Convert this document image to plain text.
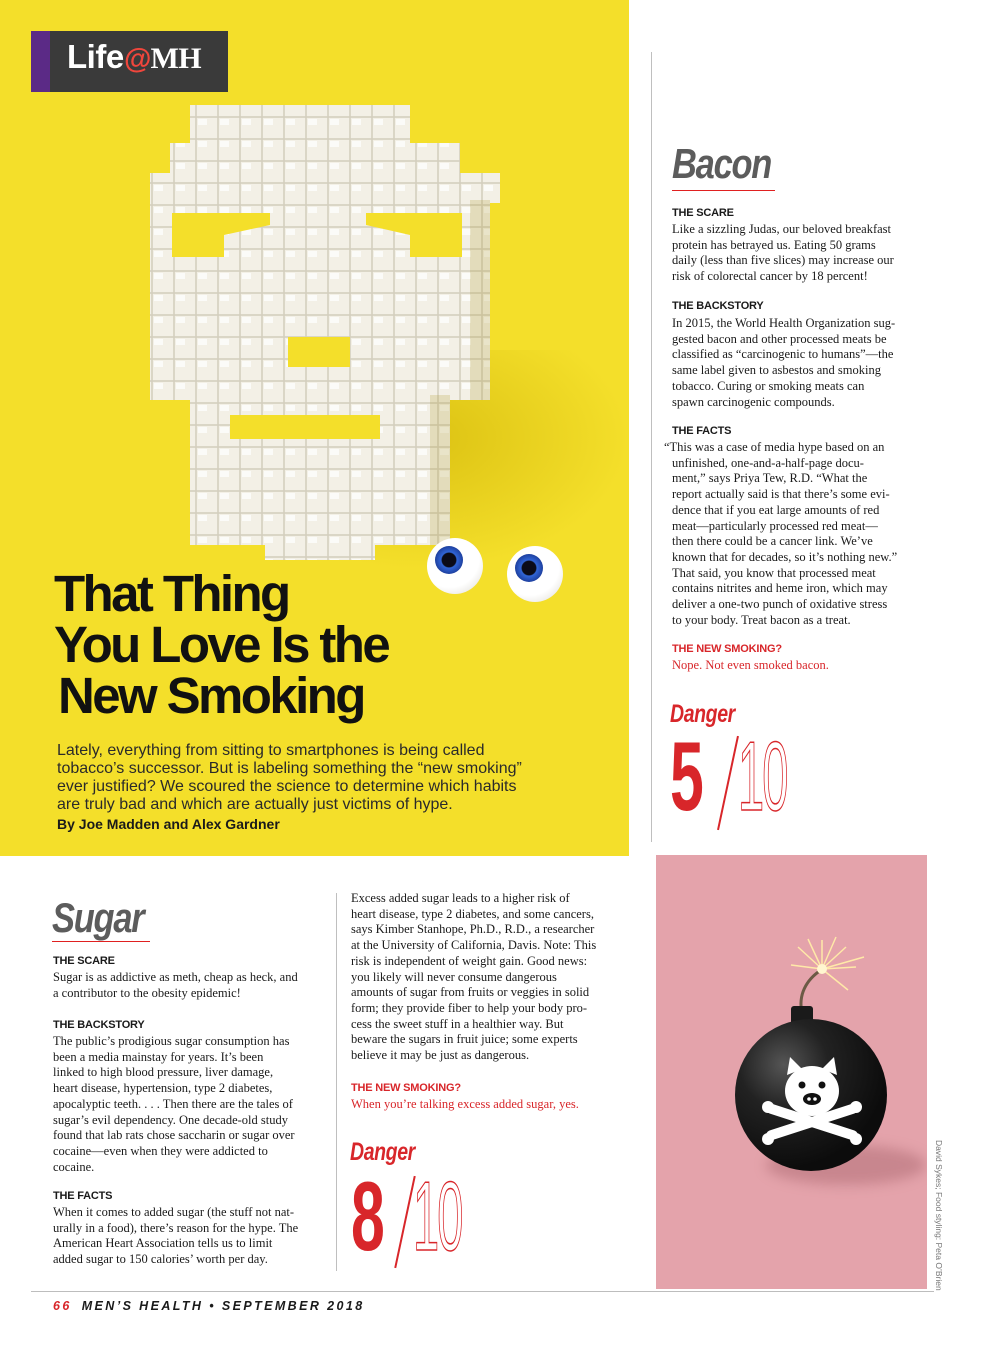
Life@MH
That Thing
You Love Is the
New Smoking

Lately, everything from sitting to smartphones is being called tobacco’s successor. But is labeling something the “new smoking” ever justified? We scoured the science to determine which habits are truly bad and which are actually just victims of hype.

By Joe Madden and Alex Gardner
Bacon
THE SCARE
Like a sizzling Judas, our beloved breakfast
protein has betrayed us. Eating 50 grams
daily (less than five slices) may increase our
risk of colorectal cancer by 18 percent!
THE BACKSTORY
In 2015, the World Health Organization sug-
gested bacon and other processed meats be
classified as “carcinogenic to humans”—the
same label given to asbestos and smoking
tobacco. Curing or smoking meats can
spawn carcinogenic compounds.
THE FACTS
“This was a case of media hype based on an
unfinished, one-and-a-half-page docu-
ment,” says Priya Tew, R.D. “What the
report actually said is that there’s some evi-
dence that if you eat large amounts of red
meat—particularly processed red meat—
then there could be a cancer link. We’ve
known that for decades, so it’s nothing new.”
That said, you know that processed meat
contains nitrites and heme iron, which may
deliver a one-two punch of oxidative stress
to your body. Treat bacon as a treat.
THE NEW SMOKING?
Nope. Not even smoked bacon.
Danger
5 10
Sugar
THE SCARE
Sugar is as addictive as meth, cheap as heck, and
a contributor to the obesity epidemic!
THE BACKSTORY
The public’s prodigious sugar consumption has
been a media mainstay for years. It’s been
linked to high blood pressure, liver damage,
heart disease, hypertension, type 2 diabetes,
apocalyptic teeth. . . . Then there are the tales of
sugar’s evil dependency. One decade-old study
found that lab rats chose saccharin or sugar over
cocaine—even when they were addicted to
cocaine.
THE FACTS
When it comes to added sugar (the stuff not nat-
urally in a food), there’s reason for the hype. The
American Heart Association tells us to limit
added sugar to 150 calories’ worth per day.
Excess added sugar leads to a higher risk of
heart disease, type 2 diabetes, and some cancers,
says Kimber Stanhope, Ph.D., R.D., a researcher
at the University of California, Davis. Note: This
risk is independent of weight gain. Good news:
you likely will never consume dangerous
amounts of sugar from fruits or veggies in solid
form; they provide fiber to help your body pro-
cess the sweet stuff in a healthier way. But
beware the sugars in fruit juice; some experts
believe it may be just as dangerous.
THE NEW SMOKING?
When you’re talking excess added sugar, yes.
Danger
8 10	David Sykes; Food styling: Peta O’Brien
66 MEN’S HEALTH • SEPTEMBER 2018
